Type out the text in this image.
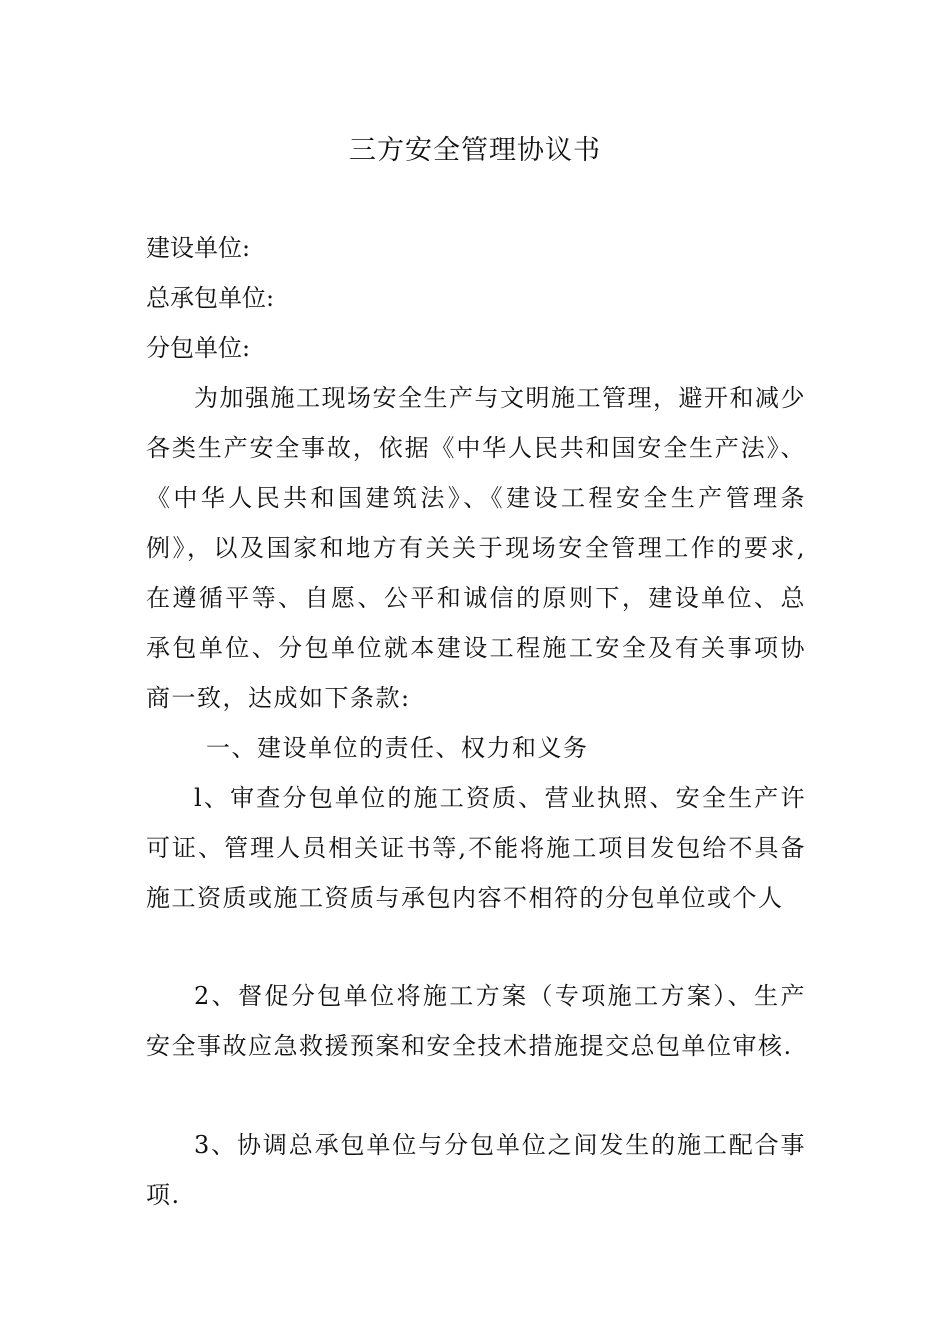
三方安全管理协议书
建设单位:
总承包单位:
分包单位:
为加强施工现场安全生产与文明施工管理，避开和减少各类生产安全事故，依据《中华人民共和国安全生产法》、《中华人民共和国建筑法》、《建设工程安全生产管理条例》，以及国家和地方有关关于现场安全管理工作的要求,在遵循平等、自愿、公平和诚信的原则下，建设单位、总承包单位、分包单位就本建设工程施工安全及有关事项协商一致，达成如下条款:
一、建设单位的责任、权力和义务
l、审查分包单位的施工资质、营业执照、安全生产许可证、管理人员相关证书等,不能将施工项目发包给不具备施工资质或施工资质与承包内容不相符的分包单位或个人
2、督促分包单位将施工方案（专项施工方案）、生产安全事故应急救援预案和安全技术措施提交总包单位审核.
3、协调总承包单位与分包单位之间发生的施工配合事项.
